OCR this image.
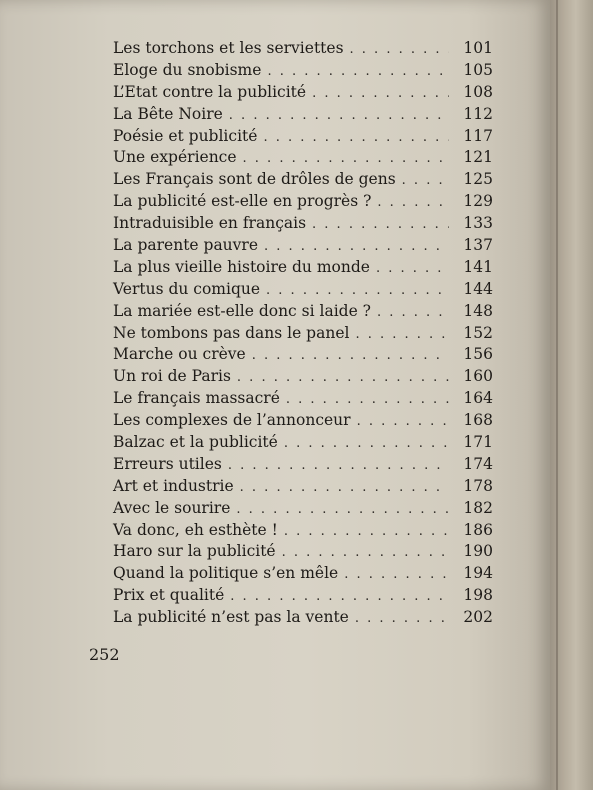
Les torchons et les serviettes . . .	101
Eloge du snobisme . . .	105
L’Etat contre la publicité . . .	108
La Bête Noire . . .	112
Poésie et publicité . . .	117
Une expérience . . .	121
Les Français sont de drôles de gens . . .	125
La publicité est-elle en progrès ? . . .	129
Intraduisible en français . . .	133
La parente pauvre . . .	137
La plus vieille histoire du monde . . .	141
Vertus du comique . . .	144
La mariée est-elle donc si laide ? . . .	148
Ne tombons pas dans le panel . . .	152
Marche ou crève . . .	156
Un roi de Paris . . .	160
Le français massacré . . .	164
Les complexes de l’annonceur . . .	168
Balzac et la publicité . . .	171
Erreurs utiles . . .	174
Art et industrie . . .	178
Avec le sourire . . .	182
Va donc, eh esthète ! . . .	186
Haro sur la publicité . . .	190
Quand la politique s’en mêle . . .	194
Prix et qualité . . .	198
La publicité n’est pas la vente . . .	202
252
